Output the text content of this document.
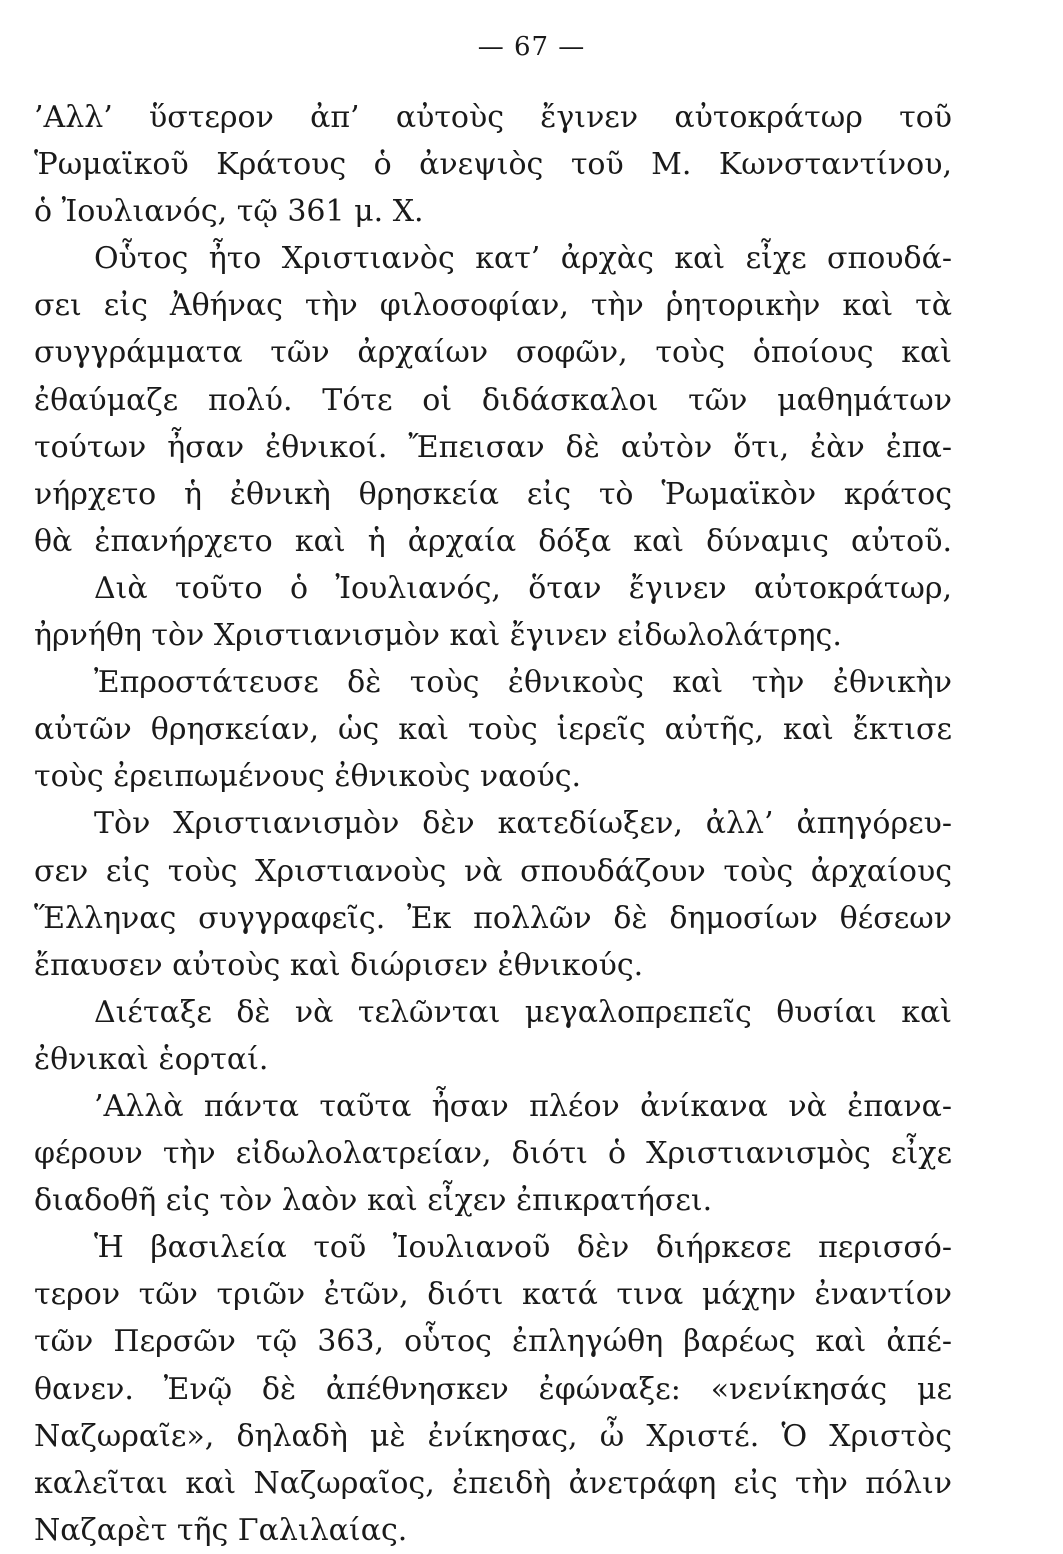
— 67 —
’Αλλ’ ὕστερον ἀπ’ αὐτοὺς ἔγινεν αὐτοκράτωρ τοῦ
Ῥωμαϊκοῦ Κράτους ὁ ἀνεψιὸς τοῦ Μ. Κωνσταντίνου,
ὁ Ἰουλιανός, τῷ 361 μ. Χ.
Οὗτος ἦτο Χριστιανὸς κατ’ ἀρχὰς καὶ εἶχε σπουδά-
σει εἰς Ἀθήνας τὴν φιλοσοφίαν, τὴν ῥητορικὴν καὶ τὰ
συγγράμματα τῶν ἀρχαίων σοφῶν, τοὺς ὁποίους καὶ
ἐθαύμαζε πολύ. Τότε οἱ διδάσκαλοι τῶν μαθημάτων
τούτων ἦσαν ἐθνικοί. Ἔπεισαν δὲ αὐτὸν ὅτι, ἐὰν ἐπα-
νήρχετο ἡ ἐθνικὴ θρησκεία εἰς τὸ Ῥωμαϊκὸν κράτος
θὰ ἐπανήρχετο καὶ ἡ ἀρχαία δόξα καὶ δύναμις αὐτοῦ.
Διὰ τοῦτο ὁ Ἰουλιανός, ὅταν ἔγινεν αὐτοκράτωρ,
ἠρνήθη τὸν Χριστιανισμὸν καὶ ἔγινεν εἰδωλολάτρης.
Ἐπροστάτευσε δὲ τοὺς ἐθνικοὺς καὶ τὴν ἐθνικὴν
αὐτῶν θρησκείαν, ὡς καὶ τοὺς ἱερεῖς αὐτῆς, καὶ ἔκτισε
τοὺς ἐρειπωμένους ἐθνικοὺς ναούς.
Τὸν Χριστιανισμὸν δὲν κατεδίωξεν, ἀλλ’ ἀπηγόρευ-
σεν εἰς τοὺς Χριστιανοὺς νὰ σπουδάζουν τοὺς ἀρχαίους
Ἕλληνας συγγραφεῖς. Ἐκ πολλῶν δὲ δημοσίων θέσεων
ἔπαυσεν αὐτοὺς καὶ διώρισεν ἐθνικούς.
Διέταξε δὲ νὰ τελῶνται μεγαλοπρεπεῖς θυσίαι καὶ
ἐθνικαὶ ἑορταί.
’Αλλὰ πάντα ταῦτα ἦσαν πλέον ἀνίκανα νὰ ἐπανα-
φέρουν τὴν εἰδωλολατρείαν, διότι ὁ Χριστιανισμὸς εἶχε
διαδοθῆ εἰς τὸν λαὸν καὶ εἶχεν ἐπικρατήσει.
Ἡ βασιλεία τοῦ Ἰουλιανοῦ δὲν διήρκεσε περισσό-
τερον τῶν τριῶν ἐτῶν, διότι κατά τινα μάχην ἐναντίον
τῶν Περσῶν τῷ 363, οὗτος ἐπληγώθη βαρέως καὶ ἀπέ-
θανεν. Ἐνῷ δὲ ἀπέθνησκεν ἐφώναξε: «νενίκησάς με
Ναζωραῖε», δηλαδὴ μὲ ἐνίκησας, ὦ Χριστέ. Ὁ Χριστὸς
καλεῖται καὶ Ναζωραῖος, ἐπειδὴ ἀνετράφη εἰς τὴν πόλιν
Ναζαρὲτ τῆς Γαλιλαίας.
